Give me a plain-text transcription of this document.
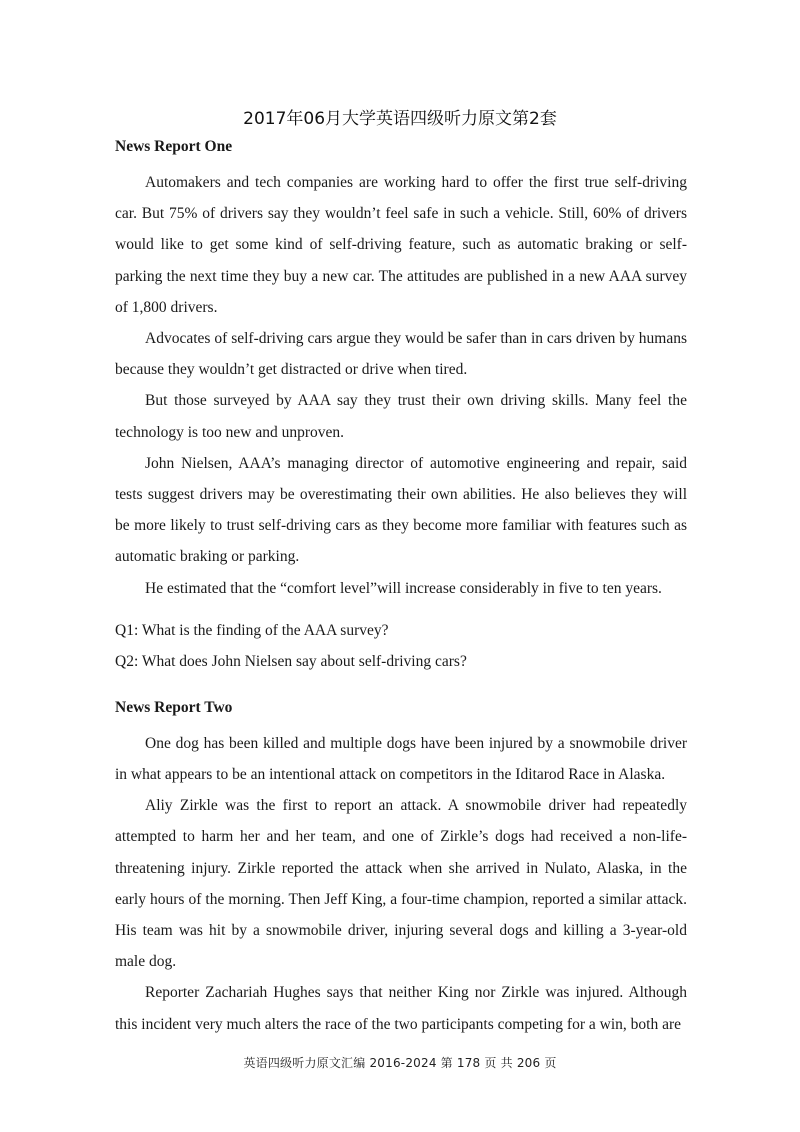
2017年06月大学英语四级听力原文第2套

News Report One

Automakers and tech companies are working hard to offer the first true self-driving car. But 75% of drivers say they wouldn’t feel safe in such a vehicle. Still, 60% of drivers would like to get some kind of self-driving feature, such as automatic braking or self-parking the next time they buy a new car. The attitudes are published in a new AAA survey of 1,800 drivers.

Advocates of self-driving cars argue they would be safer than in cars driven by humans because they wouldn’t get distracted or drive when tired.

But those surveyed by AAA say they trust their own driving skills. Many feel the technology is too new and unproven.

John Nielsen, AAA’s managing director of automotive engineering and repair, said tests suggest drivers may be overestimating their own abilities. He also believes they will be more likely to trust self-driving cars as they become more familiar with features such as automatic braking or parking.

He estimated that the “comfort level”will increase considerably in five to ten years.

Q1: What is the finding of the AAA survey?

Q2: What does John Nielsen say about self-driving cars?

News Report Two

One dog has been killed and multiple dogs have been injured by a snowmobile driver in what appears to be an intentional attack on competitors in the Iditarod Race in Alaska.

Aliy Zirkle was the first to report an attack. A snowmobile driver had repeatedly attempted to harm her and her team, and one of Zirkle’s dogs had received a non-life-threatening injury. Zirkle reported the attack when she arrived in Nulato, Alaska, in the early hours of the morning. Then Jeff King, a four-time champion, reported a similar attack. His team was hit by a snowmobile driver, injuring several dogs and killing a 3-year-old male dog.

Reporter Zachariah Hughes says that neither King nor Zirkle was injured. Although this incident very much alters the race of the two participants competing for a win, both are

英语四级听力原文汇编 2016-2024 第 178 页 共 206 页
